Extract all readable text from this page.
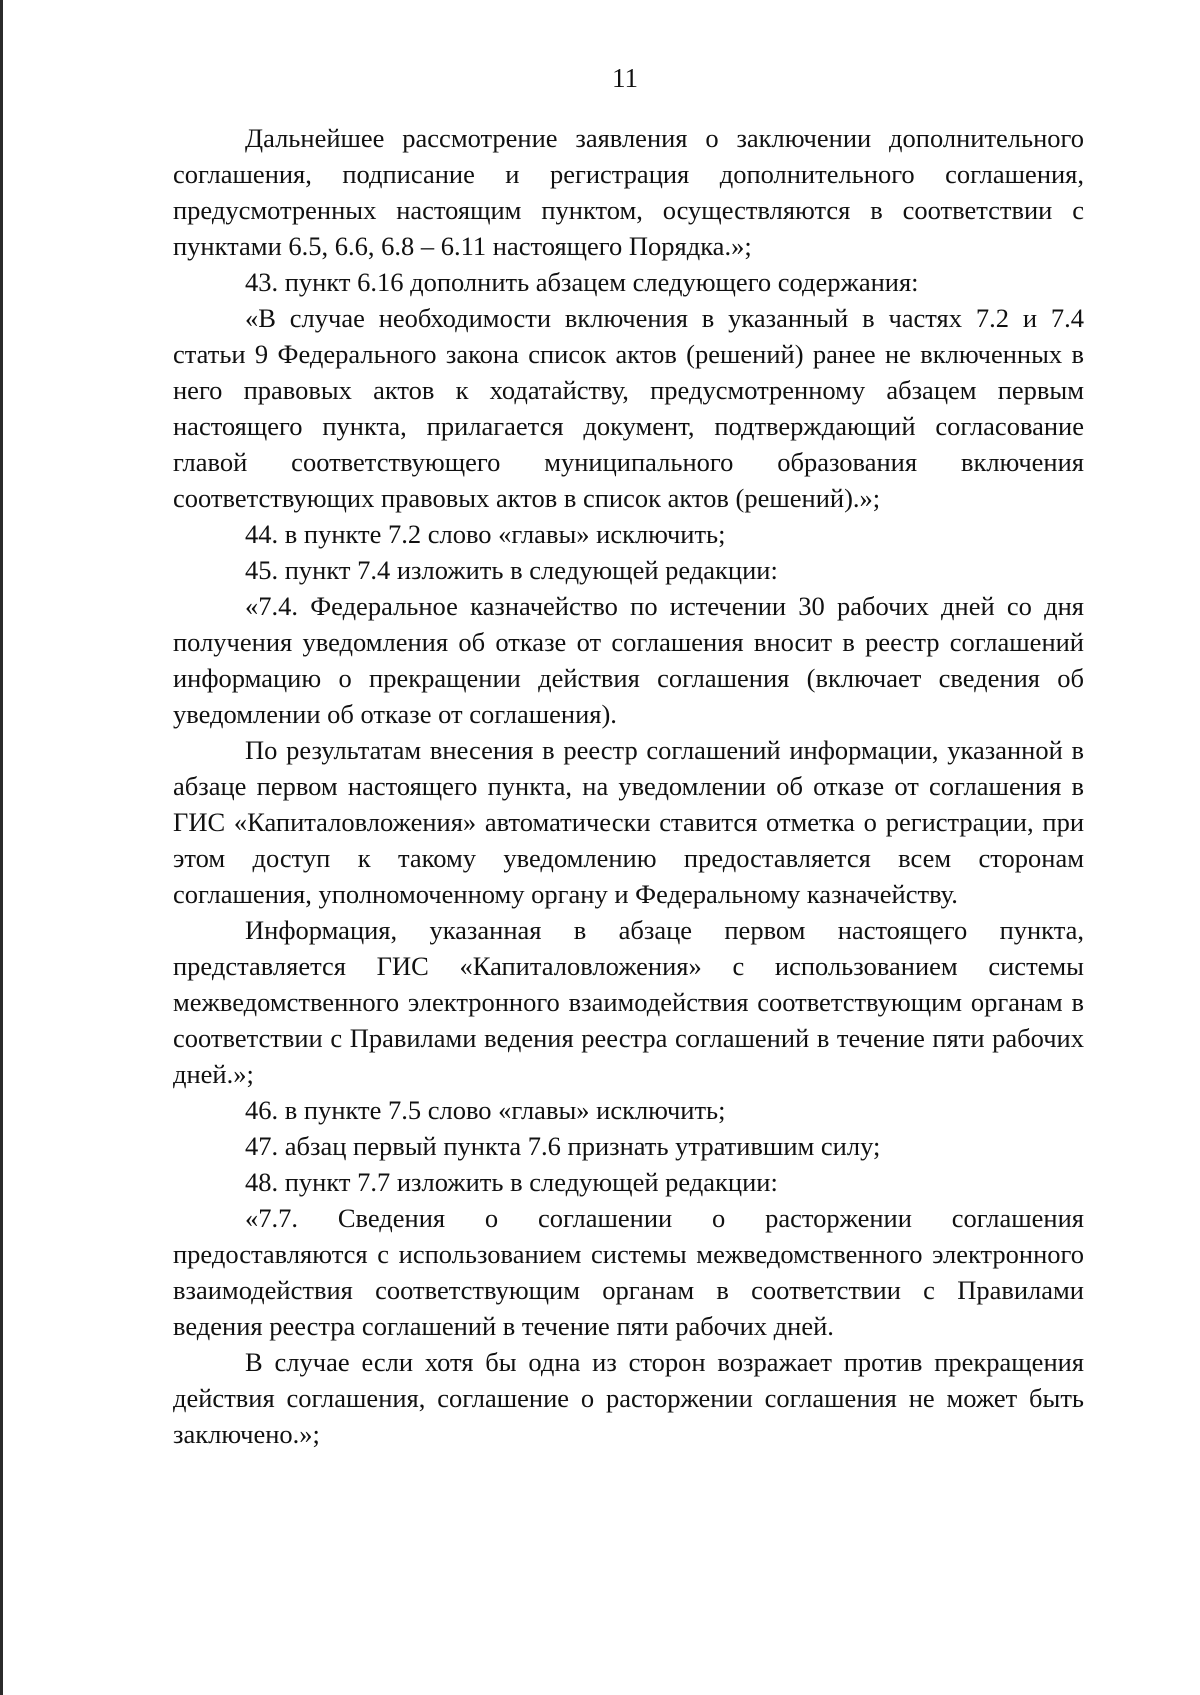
11

Дальнейшее рассмотрение заявления о заключении дополнительного соглашения, подписание и регистрация дополнительного соглашения, предусмотренных настоящим пунктом, осуществляются в соответствии с пунктами 6.5, 6.6, 6.8 – 6.11 настоящего Порядка.»;

43. пункт 6.16 дополнить абзацем следующего содержания:

«В случае необходимости включения в указанный в частях 7.2 и 7.4 статьи 9 Федерального закона список актов (решений) ранее не включенных в него правовых актов к ходатайству, предусмотренному абзацем первым настоящего пункта, прилагается документ, подтверждающий согласование главой соответствующего муниципального образования включения соответствующих правовых актов в список актов (решений).»;

44. в пункте 7.2 слово «главы» исключить;

45. пункт 7.4 изложить в следующей редакции:

«7.4. Федеральное казначейство по истечении 30 рабочих дней со дня получения уведомления об отказе от соглашения вносит в реестр соглашений информацию о прекращении действия соглашения (включает сведения об уведомлении об отказе от соглашения).

По результатам внесения в реестр соглашений информации, указанной в абзаце первом настоящего пункта, на уведомлении об отказе от соглашения в ГИС «Капиталовложения» автоматически ставится отметка о регистрации, при этом доступ к такому уведомлению предоставляется всем сторонам соглашения, уполномоченному органу и Федеральному казначейству.

Информация, указанная в абзаце первом настоящего пункта, представляется ГИС «Капиталовложения» с использованием системы межведомственного электронного взаимодействия соответствующим органам в соответствии с Правилами ведения реестра соглашений в течение пяти рабочих дней.»;

46. в пункте 7.5 слово «главы» исключить;

47. абзац первый пункта 7.6 признать утратившим силу;

48. пункт 7.7 изложить в следующей редакции:

«7.7. Сведения о соглашении о расторжении соглашения предоставляются с использованием системы межведомственного электронного взаимодействия соответствующим органам в соответствии с Правилами ведения реестра соглашений в течение пяти рабочих дней.

В случае если хотя бы одна из сторон возражает против прекращения действия соглашения, соглашение о расторжении соглашения не может быть заключено.»;
